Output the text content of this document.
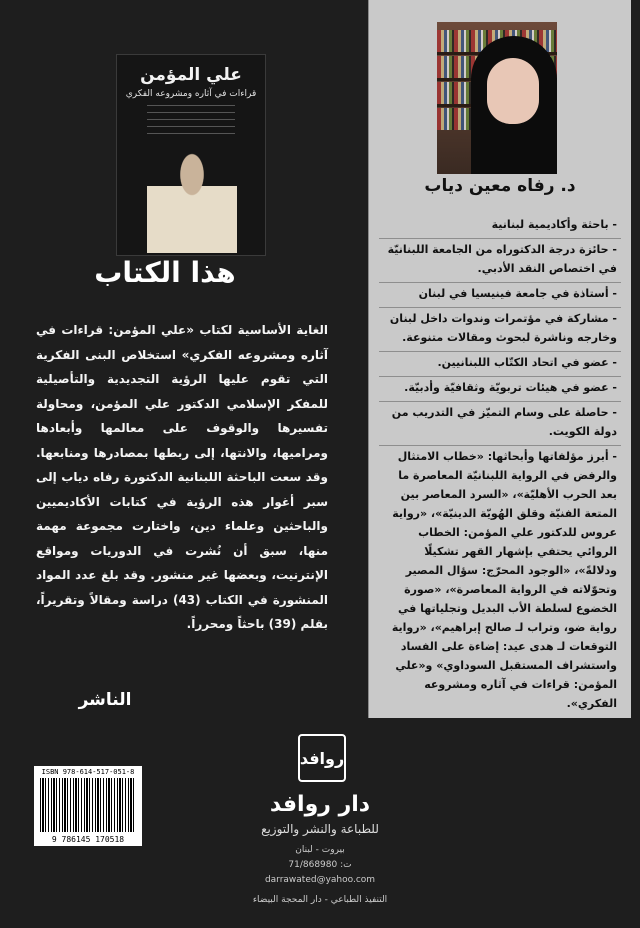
علي المؤمن
قراءات في آثاره ومشروعه الفكري
هذا الكتاب
الغاية الأساسية لكتاب «علي المؤمن: قراءات في آثاره ومشروعه الفكري» استخلاص البنى الفكرية التي تقوم عليها الرؤية التجديدية والتأصيلية للمفكر الإسلامي الدكتور علي المؤمن، ومحاولة تفسيرها والوقوف على معالمها وأبعادها ومراميها، والانتها، إلى ربطها بمصادرها ومنابعها. وقد سعت الباحثة اللبنانية الدكتورة رفاه دياب إلى سبر أغوار هذه الرؤية في كتابات الأكاديميين والباحثين وعلماء دين، واختارت مجموعة مهمة منها، سبق أن نُشرت في الدوريات ومواقع الإنترنيت، وبعضها غير منشور. وقد بلغ عدد المواد المنشورة في الكتاب (43) دراسة ومقالاً وتقريراً، بقلم (39) باحثاً ومحرراً.
الناشر
د. رفاه معين دياب
- باحثة وأكاديمية لبنانية
- حائزة درجة الدكتوراه من الجامعة اللبنانيّة في اختصاص النقد الأدبي.
- أستاذة في جامعة فينيسيا في لبنان
- مشاركة في مؤتمرات وندوات داخل لبنان وخارجه وناشرة لبحوث ومقالات متنوعة.
- عضو في اتحاد الكتّاب اللبنانيين.
- عضو في هيئات تربويّة وثقافيّة وأدبيّة.
- حاصلة على وسام التميّز في التدريب من دولة الكويت.
- أبرز مؤلفاتها وأبحاثها: «خطاب الامتثال والرفض في الرواية اللبنانيّة المعاصرة ما بعد الحرب الأهليّة»، «السرد المعاصر بين المتعة الفنيّة وقلق الهُويّة الدينيّة»، «رواية عروس للدكتور علي المؤمن: الخطاب الروائي يحتفي بإشهار القهر تشكيلًا ودلالةً»، «الوجود المحرّج: سؤال المصير وتحوّلاته في الرواية المعاصرة»، «صورة الخضوع لسلطة الأب البديل وتجلياتها في رواية ضو، وتراب لـ صالح إبراهيم»، «رواية التوقعات لـ هدى عيد: إضاءة على الفساد واستشراف المستقبل السوداوي» و«علي المؤمن: قراءات في آثاره ومشروعه الفكري».
ISBN 978-614-517-051-8
9 786145 170518
روافد
دار روافد
للطباعة والنشر والتوزيع
بيروت - لبنان
ت: 71/868980
darrawated@yahoo.com
التنفيذ الطباعي - دار المحجة البيضاء
